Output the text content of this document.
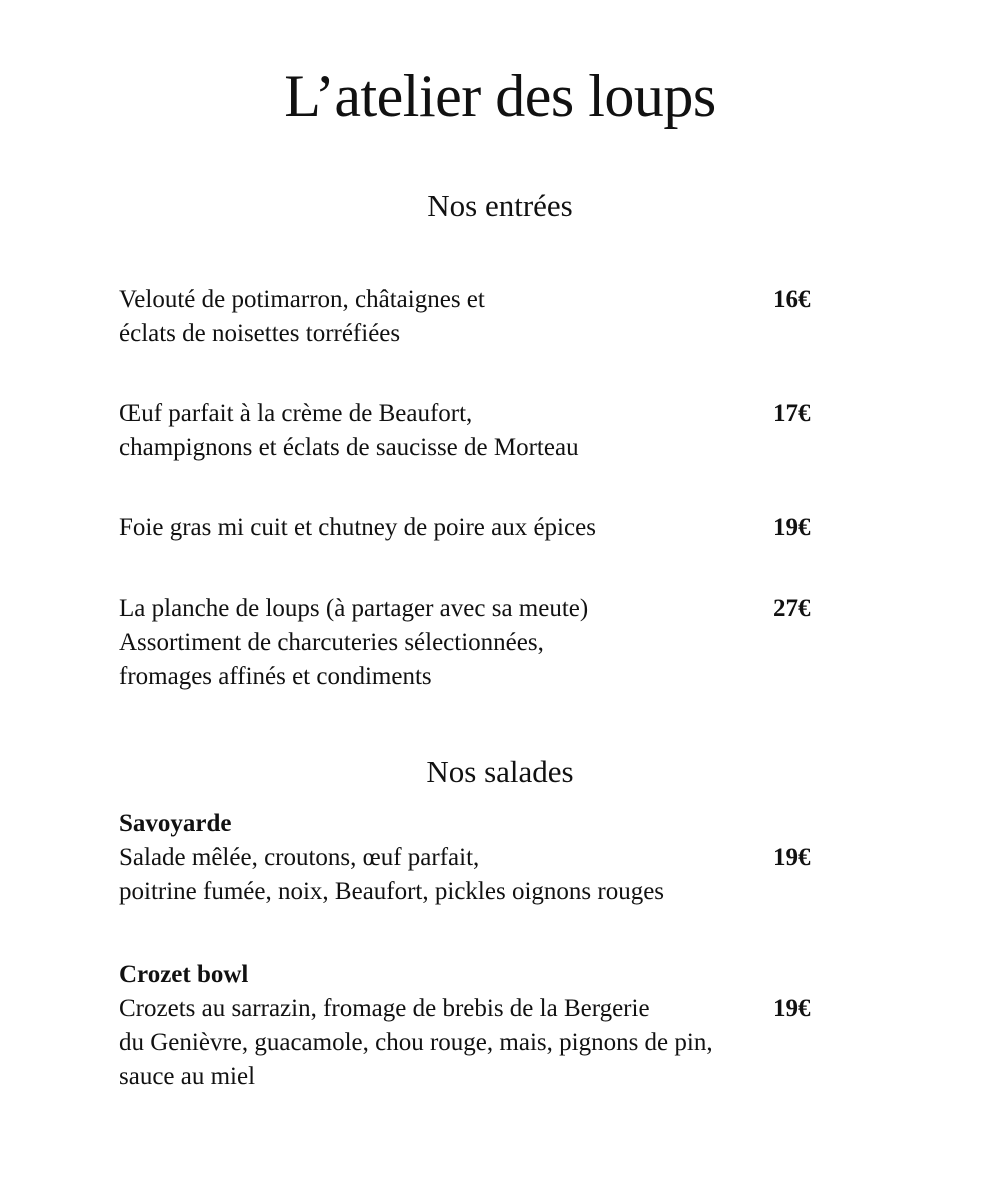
L’atelier des loups
Nos entrées
Velouté de potimarron, châtaignes et
éclats de noisettes torréfiées
16€
Œuf parfait à la crème de Beaufort,
champignons et éclats de saucisse de Morteau
17€
Foie gras mi cuit et chutney de poire aux épices	19€
La planche de loups (à partager avec sa meute)
Assortiment de charcuteries sélectionnées,
fromages affinés et condiments
27€
Nos salades
Savoyarde
Salade mêlée, croutons, œuf parfait,
poitrine fumée, noix, Beaufort, pickles oignons rouges
19€
Crozet bowl
Crozets au sarrazin, fromage de brebis de la Bergerie
du Genièvre, guacamole, chou rouge, mais, pignons de pin,
sauce au miel
19€
